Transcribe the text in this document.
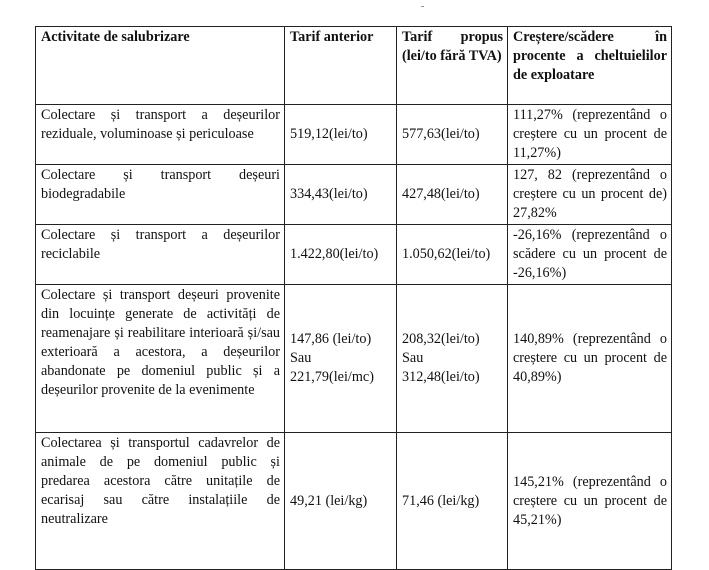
Activitate de salubrizare	Tarif anterior	Tarif propus (lei/to fără TVA)	Creștere/scădere în procente a cheltuielilor de exploatare
Colectare și transport a deșeurilor reziduale, voluminoase și periculoase	519,12(lei/to)	577,63(lei/to)	111,27% (reprezentând o creștere cu un procent de 11,27%)
Colectare și transport deșeuri biodegradabile	334,43(lei/to)	427,48(lei/to)	127, 82 (reprezentând o creștere cu un procent de) 27,82%
Colectare și transport a deșeurilor reciclabile	1.422,80(lei/to)	1.050,62(lei/to)	-26,16% (reprezentând o scădere cu un procent de -26,16%)
Colectare și transport deșeuri provenite din locuințe generate de activități de reamenajare și reabilitare interioară și/sau exterioară a acestora, a deșeurilor abandonate pe domeniul public și a deșeurilor provenite de la evenimente	147,86 (lei/to) Sau 221,79(lei/mc)	208,32(lei/to) Sau 312,48(lei/to)	140,89% (reprezentând o creștere cu un procent de 40,89%)
Colectarea și transportul cadavrelor de animale de pe domeniul public și predarea acestora către unitațile de ecarisaj sau către instalațiile de neutralizare	49,21 (lei/kg)	71,46 (lei/kg)	145,21% (reprezentând o creștere cu un procent de 45,21%)
